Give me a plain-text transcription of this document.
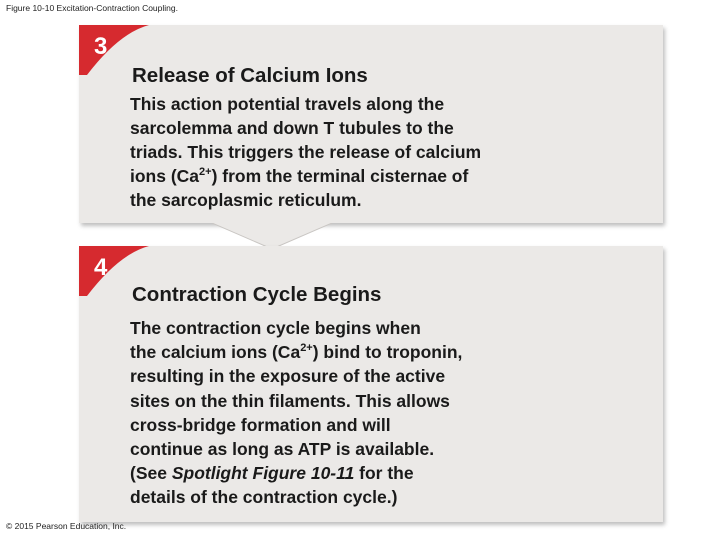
Figure 10-10 Excitation-Contraction Coupling.
3
Release of Calcium Ions
This action potential travels along the
sarcolemma and down T tubules to the
triads. This triggers the release of calcium
ions $(Ca^{2+})$ from the terminal cisternae of
the sarcoplasmic reticulum.
4
Contraction Cycle Begins
The contraction cycle begins when
the calcium ions $(Ca^{2+})$ bind to troponin,
resulting in the exposure of the active
sites on the thin filaments. This allows
cross-bridge formation and will
continue as long as ATP is available.
(See Spotlight Figure 10-11 for the
details of the contraction cycle.)
© 2015 Pearson Education, Inc.
